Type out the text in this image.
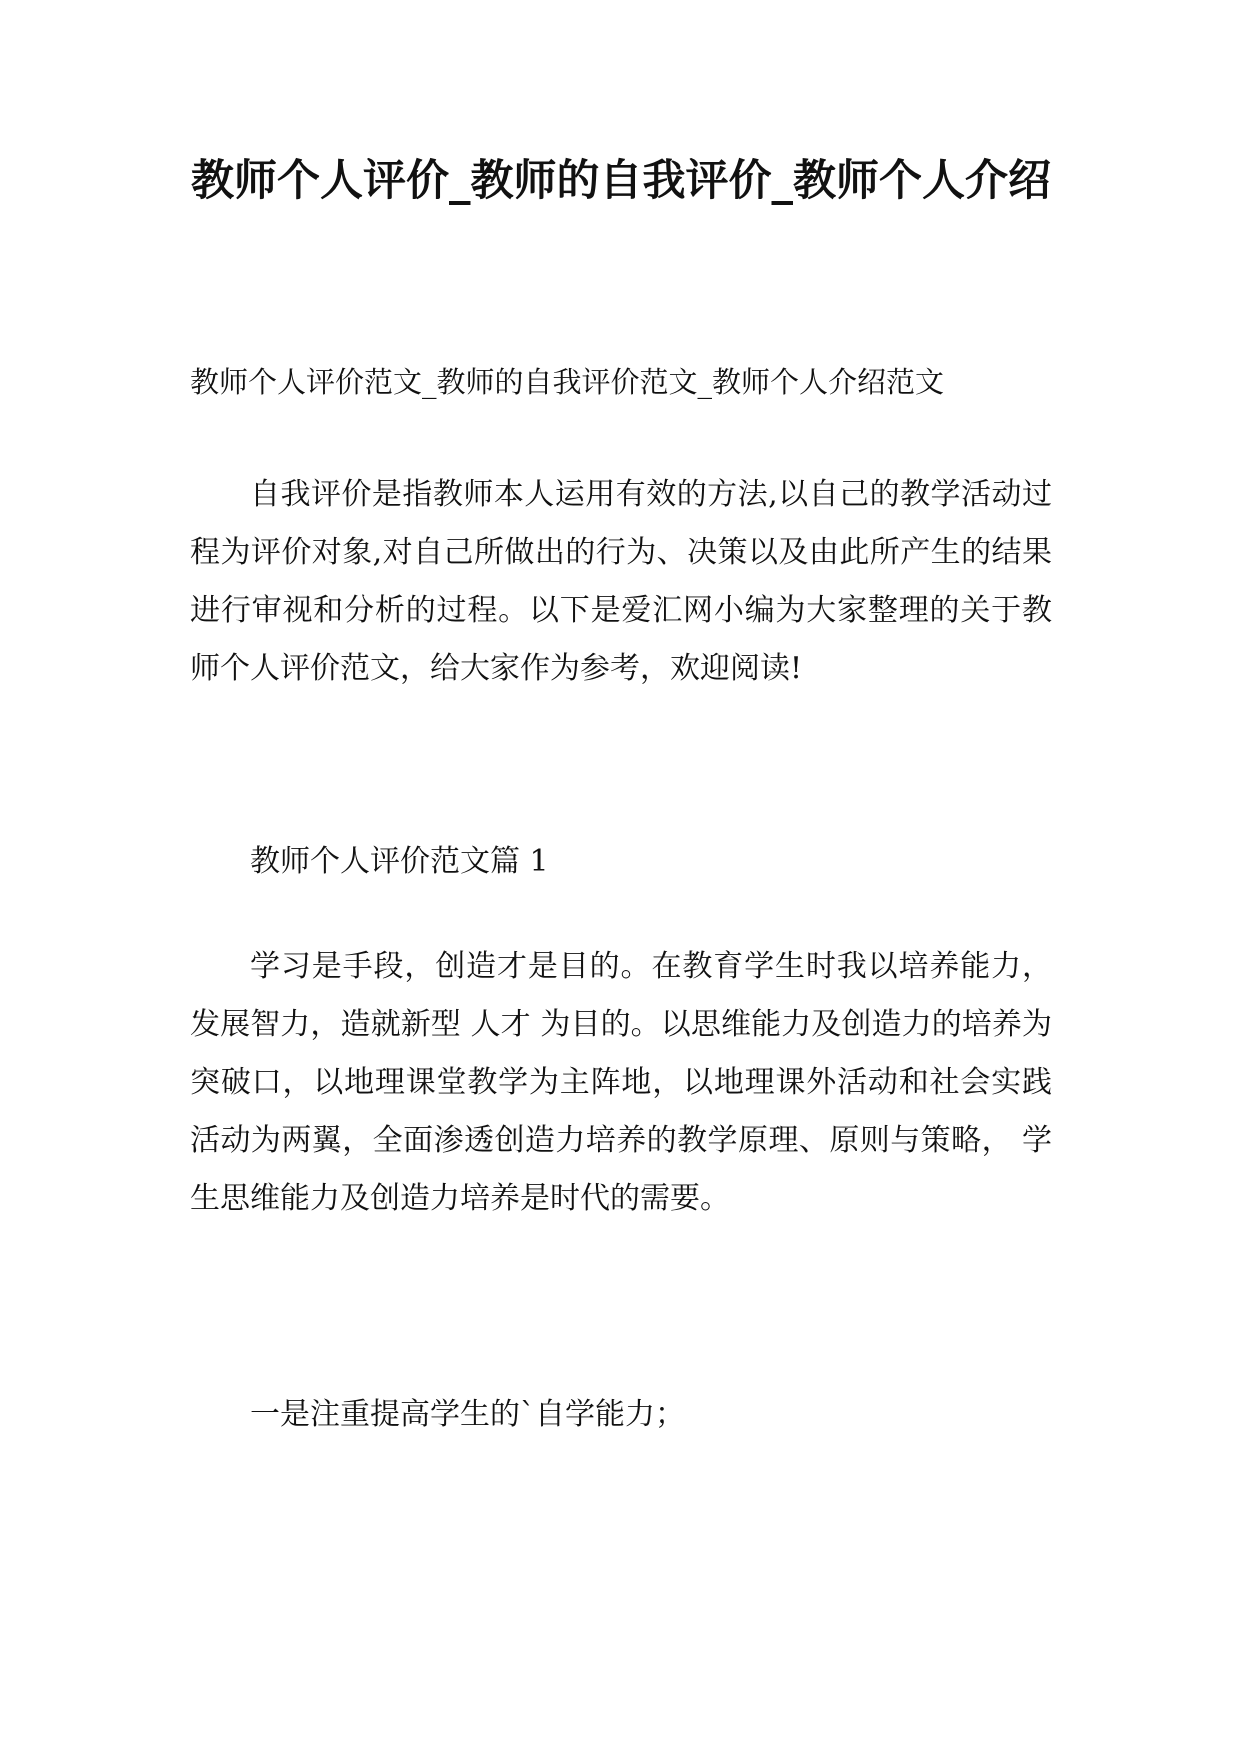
教师个人评价_教师的自我评价_教师个人介绍

教师个人评价范文_教师的自我评价范文_教师个人介绍范文

自我评价是指教师本人运用有效的方法,以自己的教学活动过程为评价对象,对自己所做出的行为、决策以及由此所产生的结果进行审视和分析的过程。以下是爱汇网小编为大家整理的关于教师个人评价范文，给大家作为参考，欢迎阅读!

教师个人评价范文篇 1

学习是手段，创造才是目的。在教育学生时我以培养能力，发展智力，造就新型 人才 为目的。以思维能力及创造力的培养为突破口，以地理课堂教学为主阵地，以地理课外活动和社会实践活动为两翼，全面渗透创造力培养的教学原理、原则与策略， 学生思维能力及创造力培养是时代的需要。

一是注重提高学生的`自学能力；
